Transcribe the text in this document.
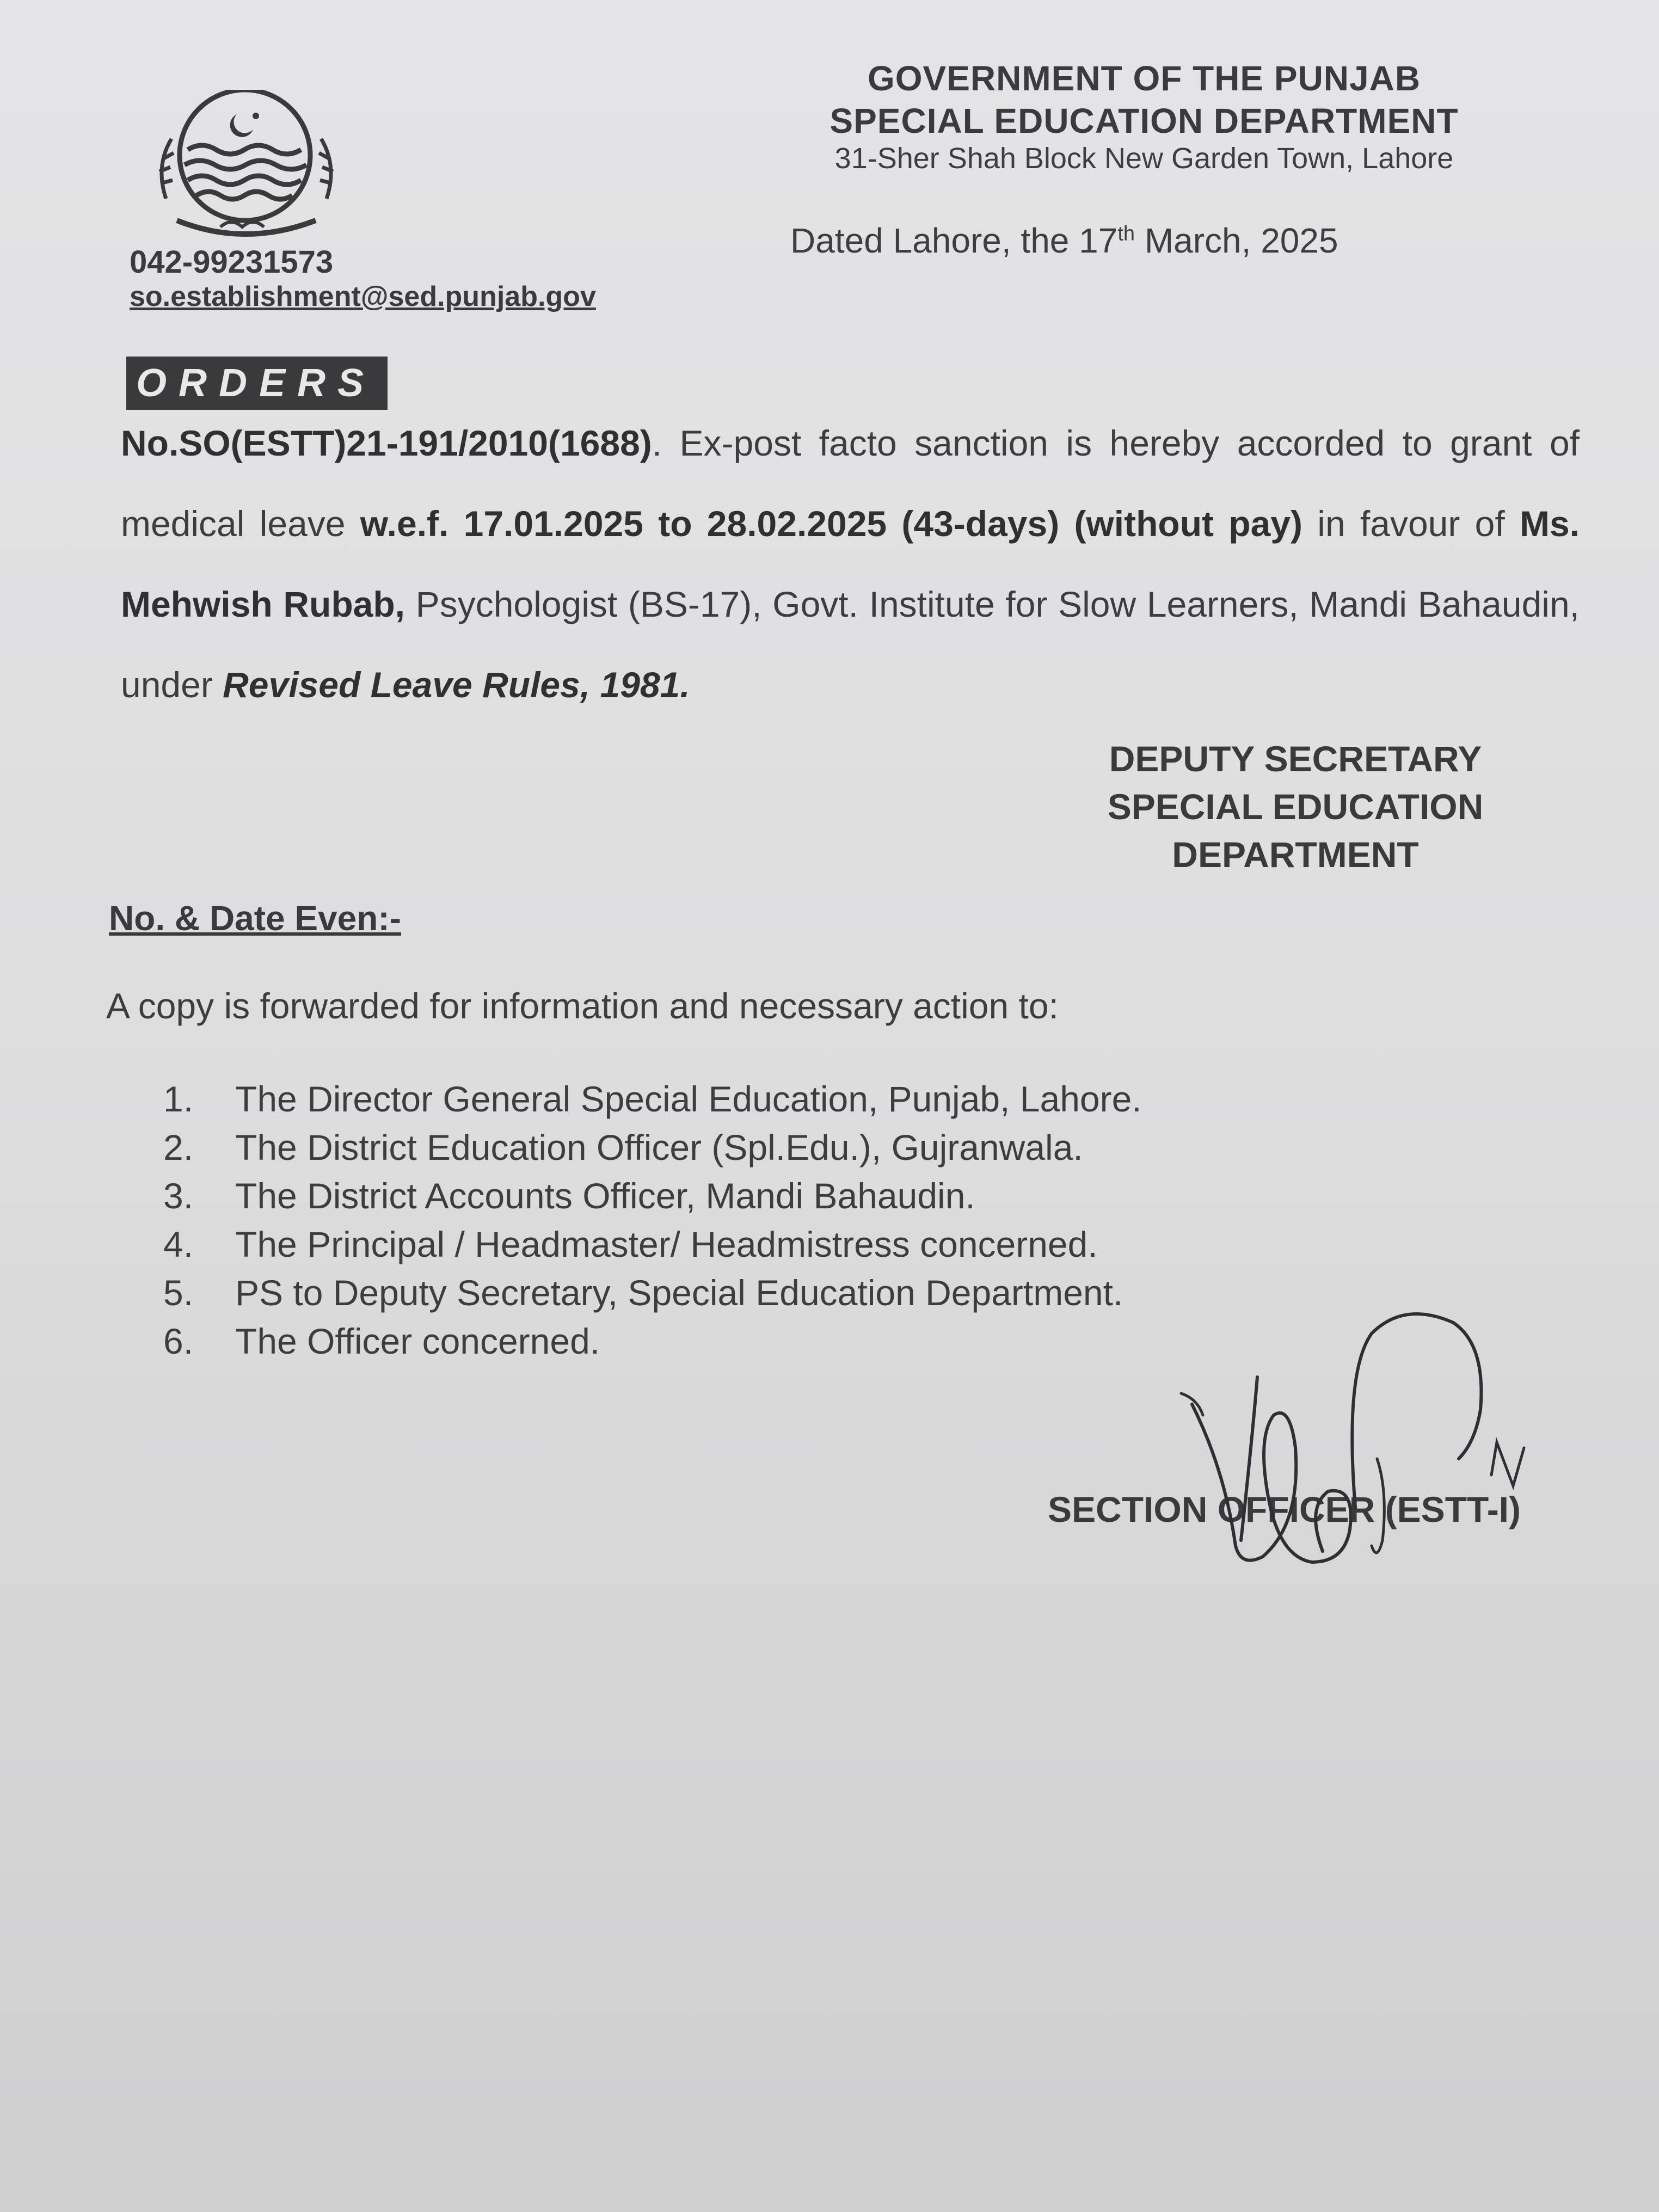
GOVERNMENT OF THE PUNJAB
SPECIAL EDUCATION DEPARTMENT
31-Sher Shah Block New Garden Town, Lahore
Dated Lahore, the 17th March, 2025
042-99231573
so.establishment@sed.punjab.gov
ORDERS
No.SO(ESTT)21-191/2010(1688). Ex-post facto sanction is hereby accorded to grant of medical leave w.e.f. 17.01.2025 to 28.02.2025 (43-days) (without pay) in favour of Ms. Mehwish Rubab, Psychologist (BS-17), Govt. Institute for Slow Learners, Mandi Bahaudin, under Revised Leave Rules, 1981.
DEPUTY SECRETARY
SPECIAL EDUCATION
DEPARTMENT
No. & Date Even:-
A copy is forwarded for information and necessary action to:
1.	The Director General Special Education, Punjab, Lahore.
2.	The District Education Officer (Spl.Edu.), Gujranwala.
3.	The District Accounts Officer, Mandi Bahaudin.
4.	The Principal / Headmaster/ Headmistress concerned.
5.	PS to Deputy Secretary, Special Education Department.
6.	The Officer concerned.
SECTION OFFICER (ESTT-I)
